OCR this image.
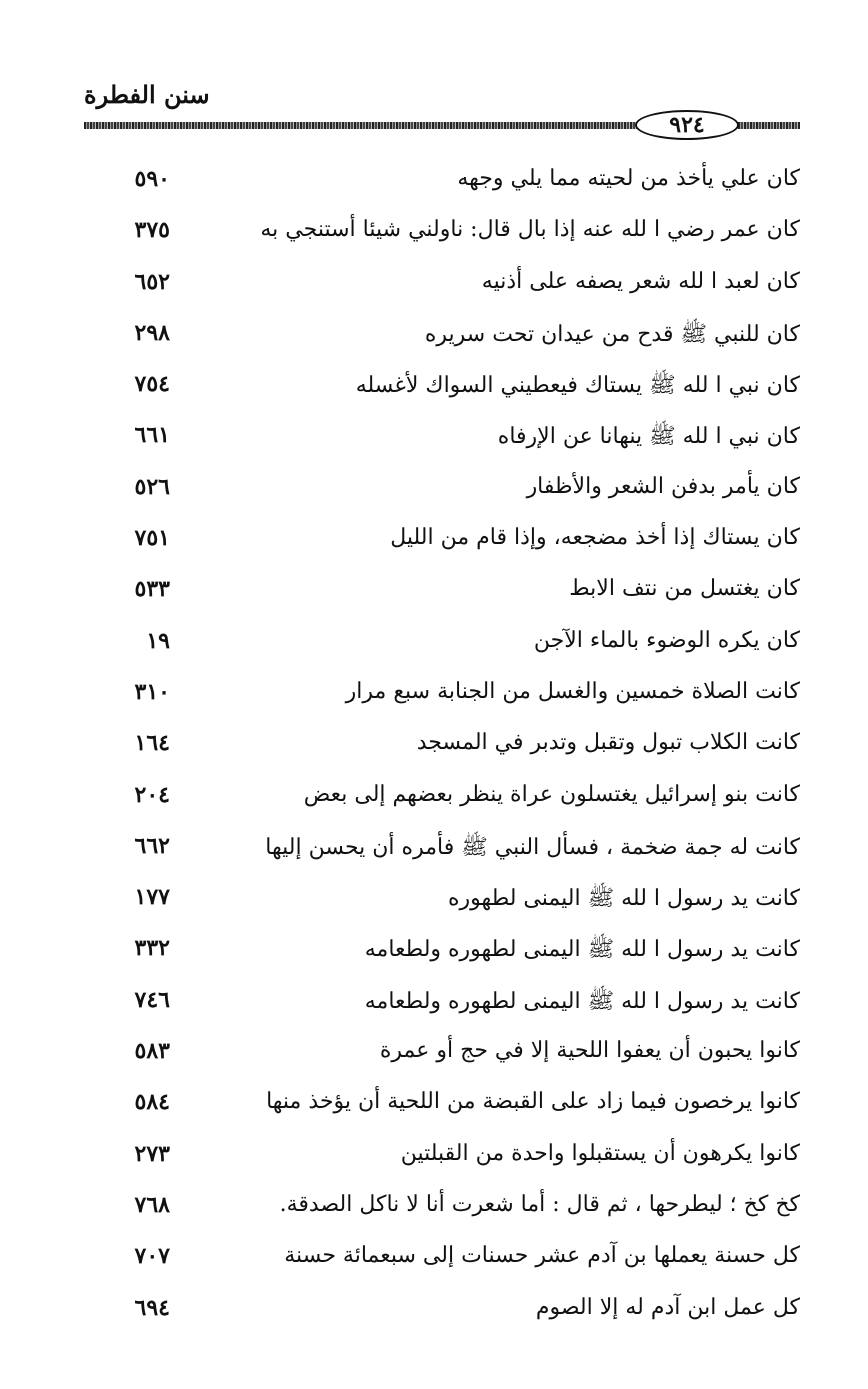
سنن الفطرة
٩٢٤
كان علي يأخذ من لحيته مما يلي وجهه
٥٩٠
كان عمر رضي ا لله عنه إذا بال قال: ناولني شيئا أستنجي به
٣٧٥
كان لعبد ا لله شعر يصفه على أذنيه
٦٥٢
كان للنبي ﷺ قدح من عيدان تحت سريره
٢٩٨
كان نبي ا لله ﷺ يستاك فيعطيني السواك لأغسله
٧٥٤
كان نبي ا لله ﷺ ينهانا عن الإرفاه
٦٦١
كان يأمر بدفن الشعر والأظفار
٥٢٦
كان يستاك إذا أخذ مضجعه، وإذا قام من الليل
٧٥١
كان يغتسل من نتف الابط
٥٣٣
كان يكره الوضوء بالماء الآجن
١٩
كانت الصلاة خمسين والغسل من الجنابة سبع مرار
٣١٠
كانت الكلاب تبول وتقبل وتدبر في المسجد
١٦٤
كانت بنو إسرائيل يغتسلون عراة ينظر بعضهم إلى بعض
٢٠٤
كانت له جمة ضخمة ، فسأل النبي ﷺ فأمره أن يحسن إليها
٦٦٢
كانت يد رسول ا لله ﷺ اليمنى لطهوره
١٧٧
كانت يد رسول ا لله ﷺ اليمنى لطهوره ولطعامه
٣٣٢
كانت يد رسول ا لله ﷺ اليمنى لطهوره ولطعامه
٧٤٦
كانوا يحبون أن يعفوا اللحية إلا في حج أو عمرة
٥٨٣
كانوا يرخصون فيما زاد على القبضة من اللحية أن يؤخذ منها
٥٨٤
كانوا يكرهون أن يستقبلوا واحدة من القبلتين
٢٧٣
كخ كخ ؛ ليطرحها ، ثم قال : أما شعرت أنا لا ناكل الصدقة.
٧٦٨
كل حسنة يعملها بن آدم عشر حسنات إلى سبعمائة حسنة
٧٠٧
كل عمل ابن آدم له إلا الصوم
٦٩٤
